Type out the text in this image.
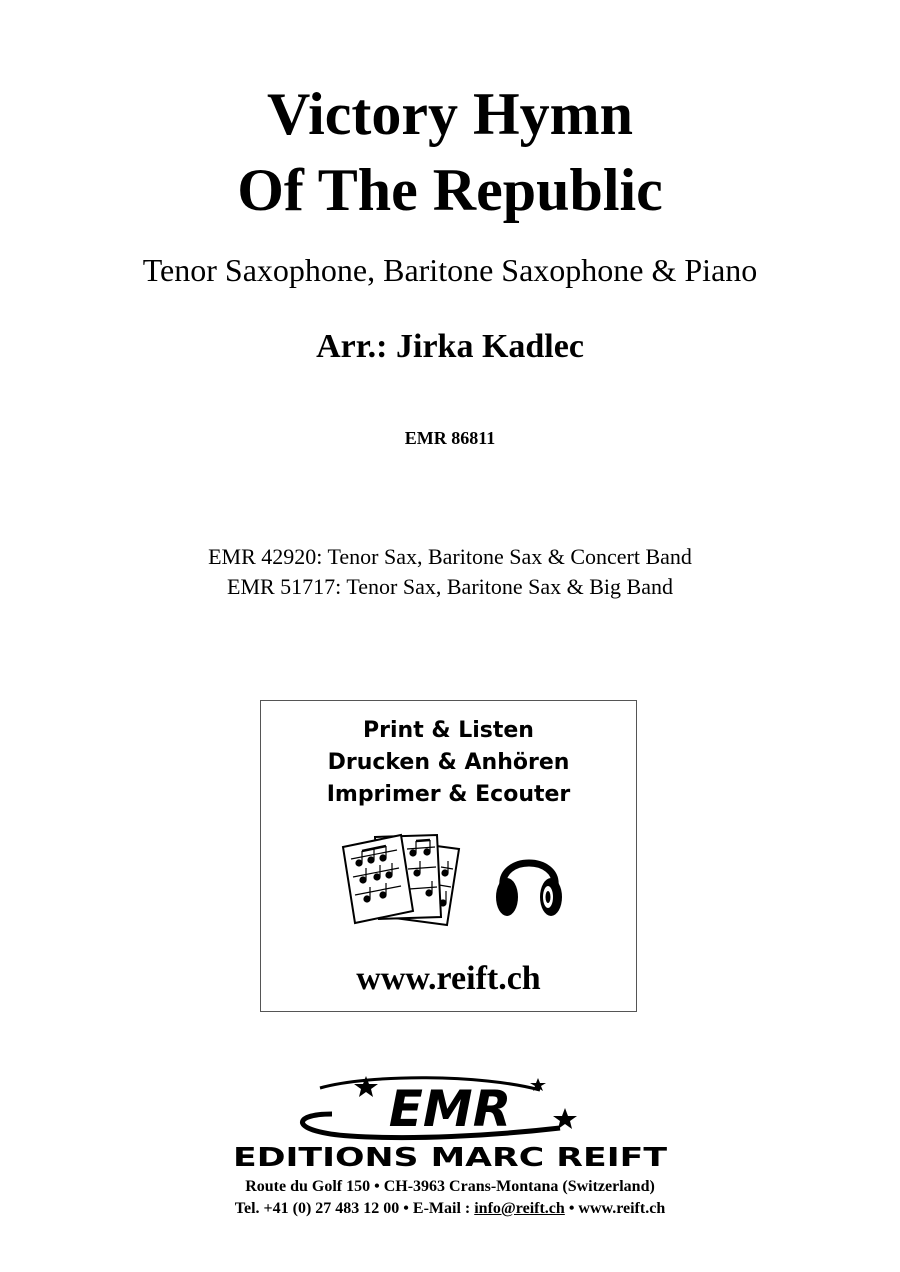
Victory Hymn
Of The Republic
Tenor Saxophone, Baritone Saxophone & Piano
Arr.: Jirka Kadlec
EMR 86811
EMR 42920: Tenor Sax, Baritone Sax & Concert Band
EMR 51717: Tenor Sax, Baritone Sax & Big Band
Print & Listen
Drucken & Anhören
Imprimer & Ecouter
www.reift.ch
EMR
EDITIONS MARC REIFT
Route du Golf 150 • CH-3963 Crans-Montana (Switzerland)
Tel. +41 (0) 27 483 12 00 • E-Mail : info@reift.ch • www.reift.ch
